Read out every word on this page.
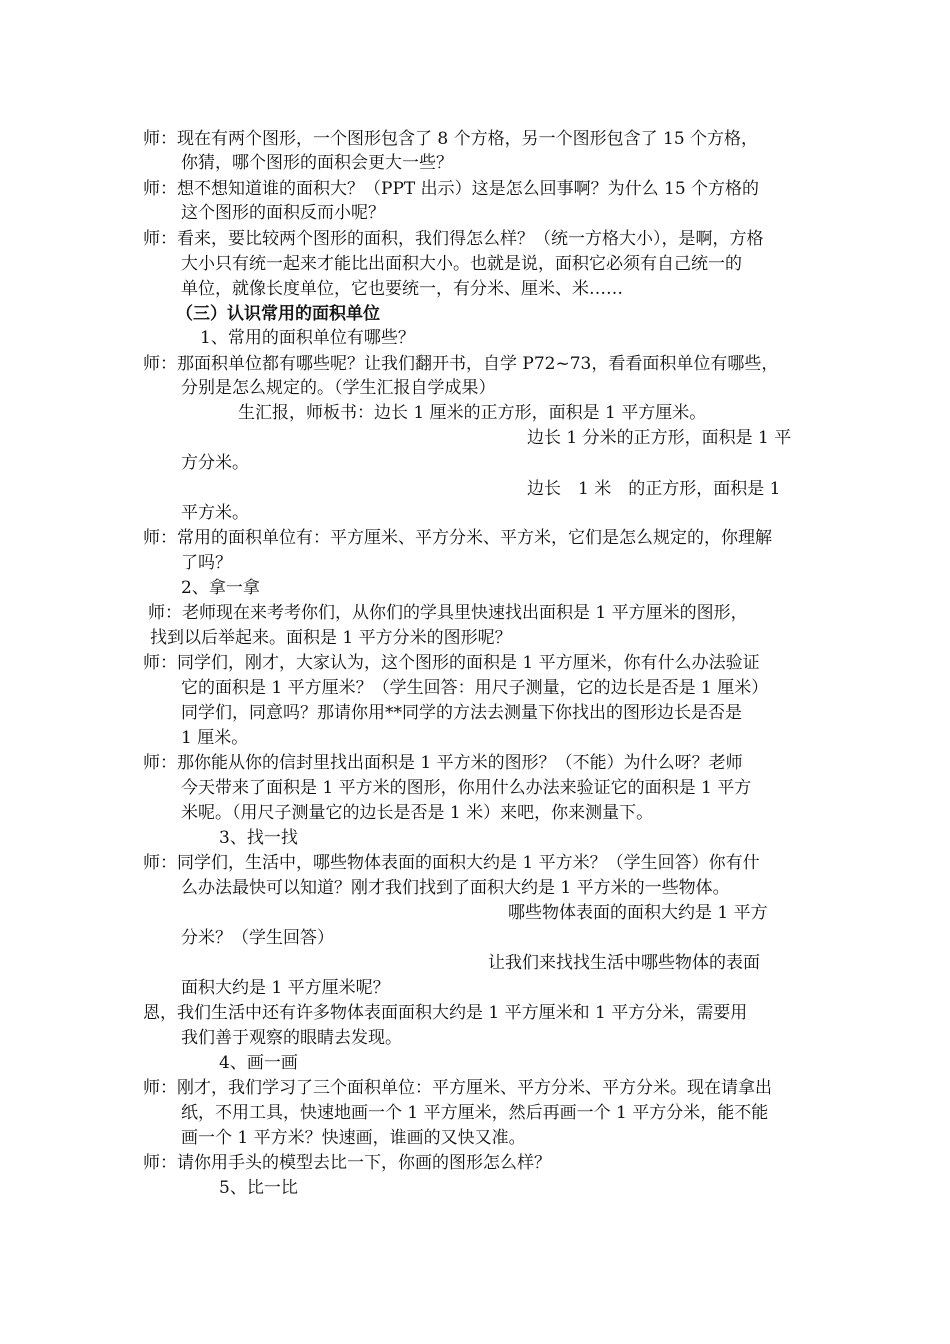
师：现在有两个图形，一个图形包含了 8 个方格，另一个图形包含了 15 个方格，
你猜，哪个图形的面积会更大一些？
师：想不想知道谁的面积大？（PPT 出示）这是怎么回事啊？为什么 15 个方格的
这个图形的面积反而小呢？
师：看来，要比较两个图形的面积，我们得怎么样？（统一方格大小），是啊，方格
大小只有统一起来才能比出面积大小。也就是说，面积它必须有自己统一的
单位，就像长度单位，它也要统一，有分米、厘米、米……
（三）认识常用的面积单位
1、常用的面积单位有哪些？
师：那面积单位都有哪些呢？让我们翻开书，自学 P72~73，看看面积单位有哪些，
分别是怎么规定的。（学生汇报自学成果）
生汇报，师板书：边长 1 厘米的正方形，面积是 1 平方厘米。
边长 1 分米的正方形，面积是 1 平
方分米。
边长　1 米　的正方形，面积是 1
平方米。
师：常用的面积单位有：平方厘米、平方分米、平方米，它们是怎么规定的，你理解
了吗？
2、拿一拿
师：老师现在来考考你们，从你们的学具里快速找出面积是 1 平方厘米的图形，
找到以后举起来。面积是 1 平方分米的图形呢？
师：同学们，刚才，大家认为，这个图形的面积是 1 平方厘米，你有什么办法验证
它的面积是 1 平方厘米？（学生回答：用尺子测量，它的边长是否是 1 厘米）
同学们，同意吗？那请你用**同学的方法去测量下你找出的图形边长是否是
1 厘米。
师：那你能从你的信封里找出面积是 1 平方米的图形？（不能）为什么呀？老师
今天带来了面积是 1 平方米的图形，你用什么办法来验证它的面积是 1 平方
米呢。（用尺子测量它的边长是否是 1 米）来吧，你来测量下。
3、找一找
师：同学们，生活中，哪些物体表面的面积大约是 1 平方米？（学生回答）你有什
么办法最快可以知道？刚才我们找到了面积大约是 1 平方米的一些物体。
哪些物体表面的面积大约是 1 平方
分米？（学生回答）
让我们来找找生活中哪些物体的表面
面积大约是 1 平方厘米呢？
恩，我们生活中还有许多物体表面面积大约是 1 平方厘米和 1 平方分米，需要用
我们善于观察的眼睛去发现。
4、画一画
师：刚才，我们学习了三个面积单位：平方厘米、平方分米、平方分米。现在请拿出
纸，不用工具，快速地画一个 1 平方厘米，然后再画一个 1 平方分米，能不能
画一个 1 平方米？快速画，谁画的又快又准。
师：请你用手头的模型去比一下，你画的图形怎么样？
5、比一比
